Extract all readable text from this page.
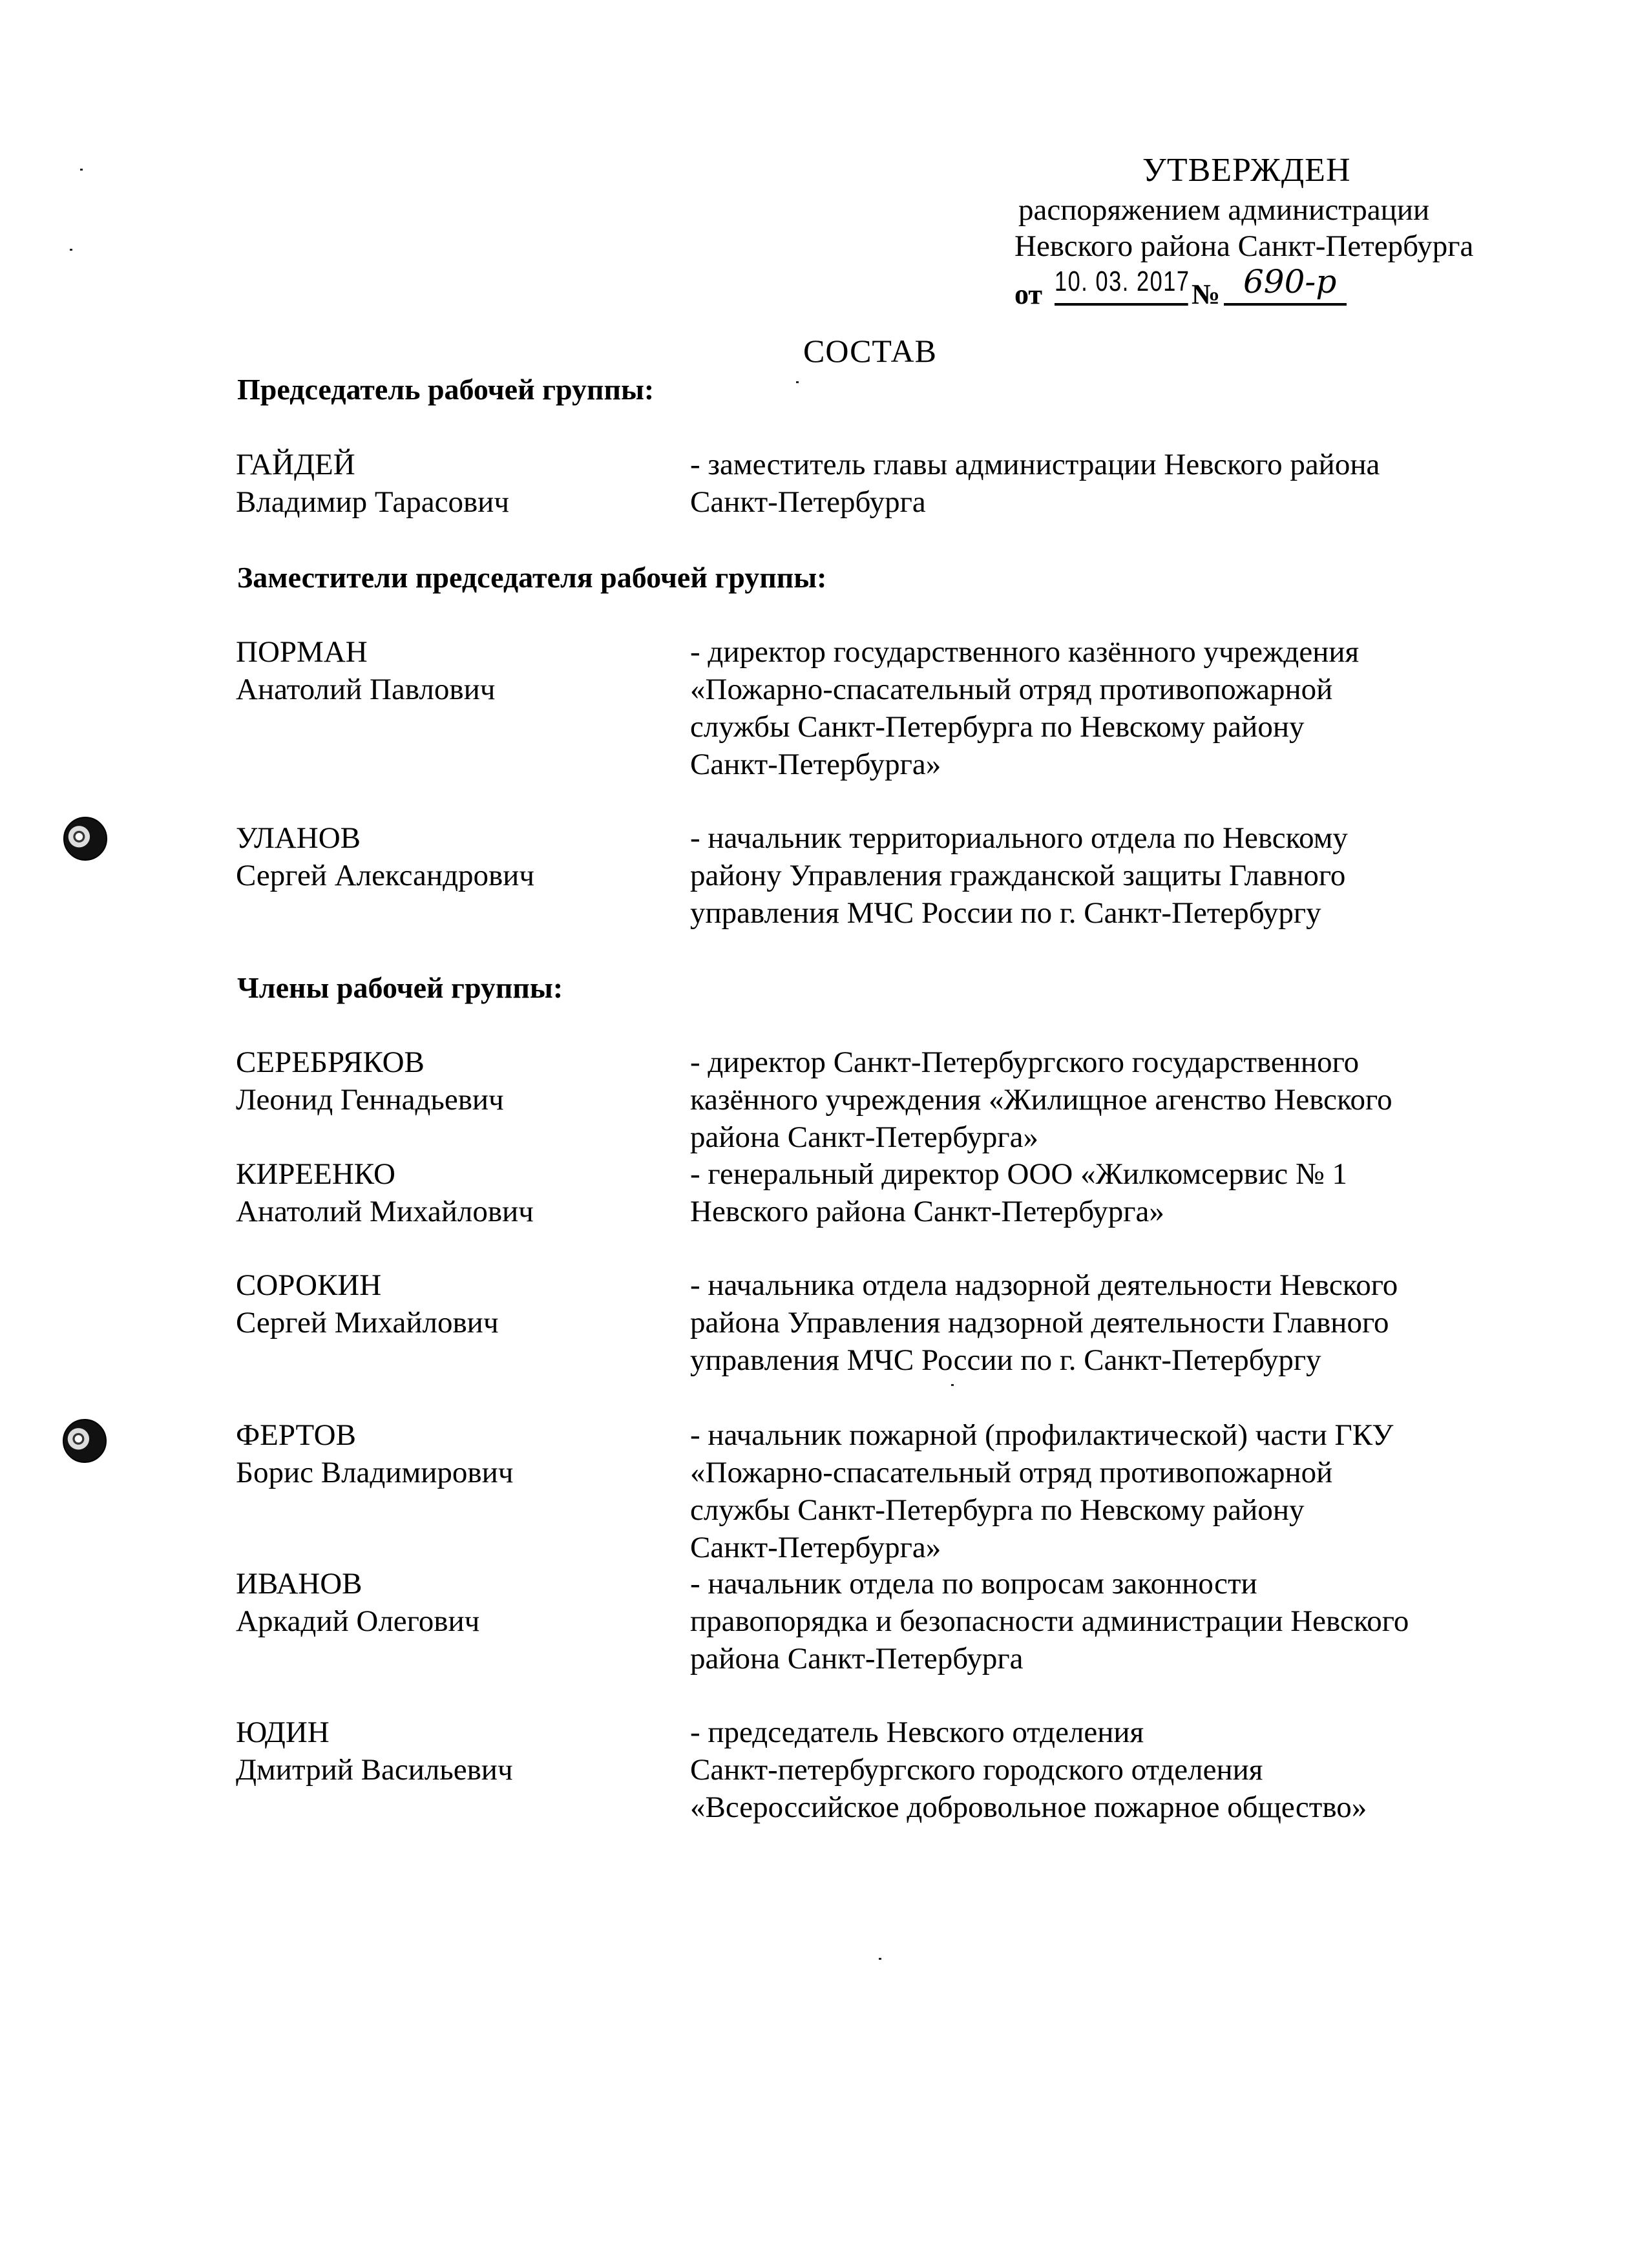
УТВЕРЖДЕН
распоряжением администрации
Невского района Санкт-Петербурга
от 10. 03. 2017 № 690-р
СОСТАВ
Председатель рабочей группы:
ГАЙДЕЙ
Владимир Тарасович
- заместитель главы администрации Невского района
Санкт-Петербурга
Заместители председателя рабочей группы:
ПОРМАН
Анатолий Павлович
- директор государственного казённого учреждения
«Пожарно-спасательный отряд противопожарной
службы Санкт-Петербурга по Невскому району
Санкт-Петербурга»
УЛАНОВ
Сергей Александрович
- начальник территориального отдела по Невскому
району Управления гражданской защиты Главного
управления МЧС России по г. Санкт-Петербургу
Члены рабочей группы:
СЕРЕБРЯКОВ
Леонид Геннадьевич
- директор Санкт-Петербургского государственного
казённого учреждения «Жилищное агенство Невского
района Санкт-Петербурга»
КИРЕЕНКО
Анатолий Михайлович
- генеральный директор ООО «Жилкомсервис № 1
Невского района Санкт-Петербурга»
СОРОКИН
Сергей Михайлович
- начальника отдела надзорной деятельности Невского
района Управления надзорной деятельности Главного
управления МЧС России по г. Санкт-Петербургу
ФЕРТОВ
Борис Владимирович
- начальник пожарной (профилактической) части ГКУ
«Пожарно-спасательный отряд противопожарной
службы Санкт-Петербурга по Невскому району
Санкт-Петербурга»
ИВАНОВ
Аркадий Олегович
- начальник отдела по вопросам законности
правопорядка и безопасности администрации Невского
района Санкт-Петербурга
ЮДИН
Дмитрий Васильевич
- председатель Невского отделения
Санкт-петербургского городского отделения
«Всероссийское добровольное пожарное общество»
